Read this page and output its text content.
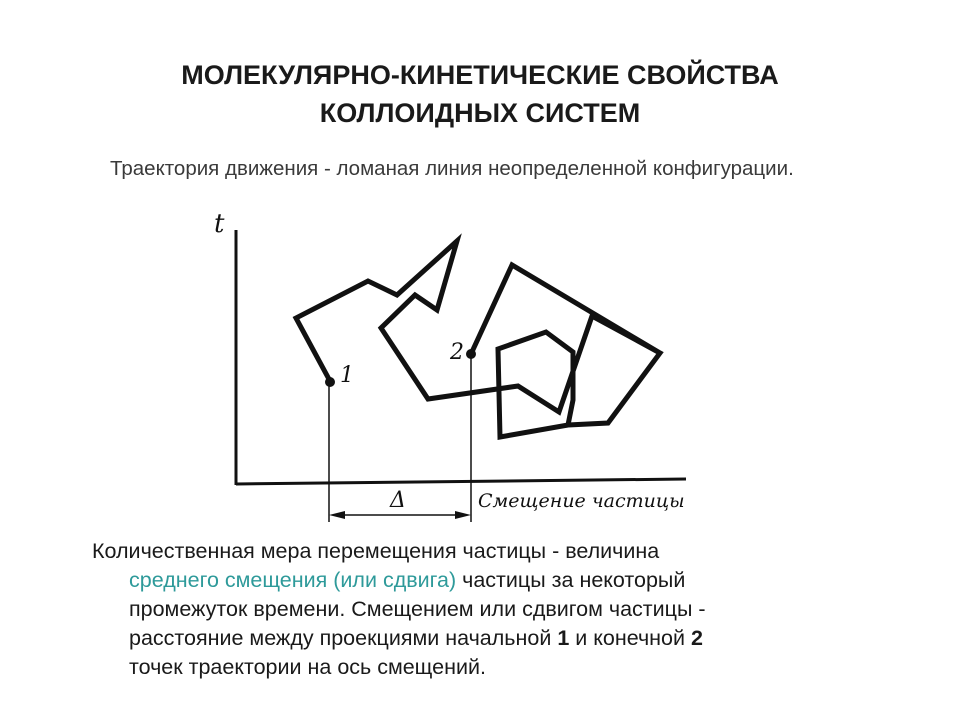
МОЛЕКУЛЯРНО-КИНЕТИЧЕСКИЕ СВОЙСТВА
КОЛЛОИДНЫХ СИСТЕМ
Траектория движения - ломаная линия неопределенной конфигурации.
t
Смещение частицы
1
2
Δ
Количественная мера перемещения частицы - величина
среднего смещения (или сдвига) частицы за некоторый
промежуток времени. Смещением или сдвигом частицы -
расстояние между проекциями начальной 1 и конечной 2
точек траектории на ось смещений.
